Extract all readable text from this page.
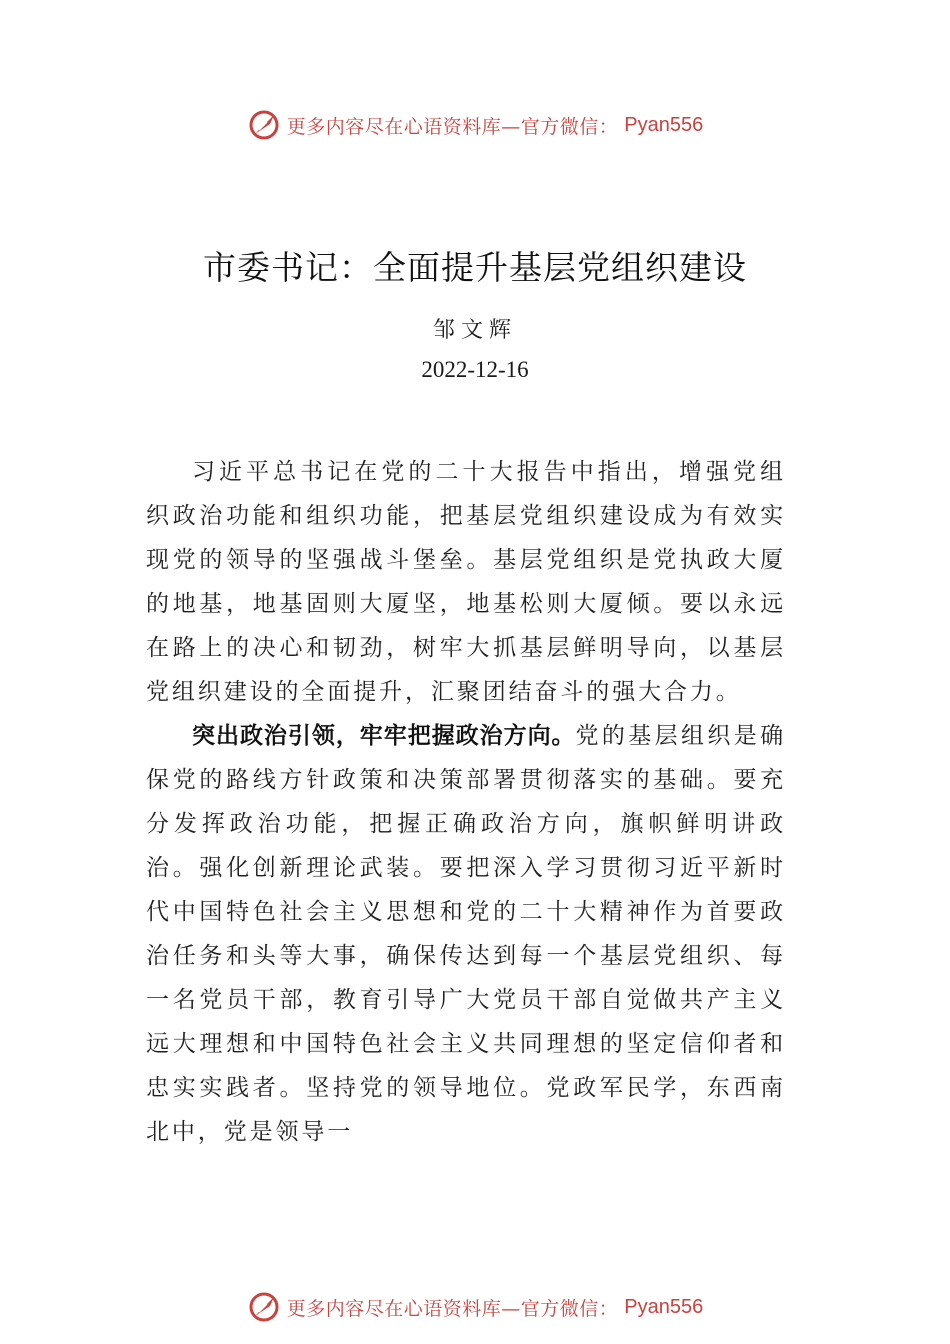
更多内容尽在心语资料库—官方微信： Pyan556
市委书记：全面提升基层党组织建设
邹文辉
2022-12-16

习近平总书记在党的二十大报告中指出，增强党组织政治功能和组织功能，把基层党组织建设成为有效实现党的领导的坚强战斗堡垒。基层党组织是党执政大厦的地基，地基固则大厦坚，地基松则大厦倾。要以永远在路上的决心和韧劲，树牢大抓基层鲜明导向，以基层党组织建设的全面提升，汇聚团结奋斗的强大合力。

突出政治引领，牢牢把握政治方向。党的基层组织是确保党的路线方针政策和决策部署贯彻落实的基础。要充分发挥政治功能，把握正确政治方向，旗帜鲜明讲政治。强化创新理论武装。要把深入学习贯彻习近平新时代中国特色社会主义思想和党的二十大精神作为首要政治任务和头等大事，确保传达到每一个基层党组织、每一名党员干部，教育引导广大党员干部自觉做共产主义远大理想和中国特色社会主义共同理想的坚定信仰者和忠实实践者。坚持党的领导地位。党政军民学，东西南北中，党是领导一

更多内容尽在心语资料库—官方微信： Pyan556
